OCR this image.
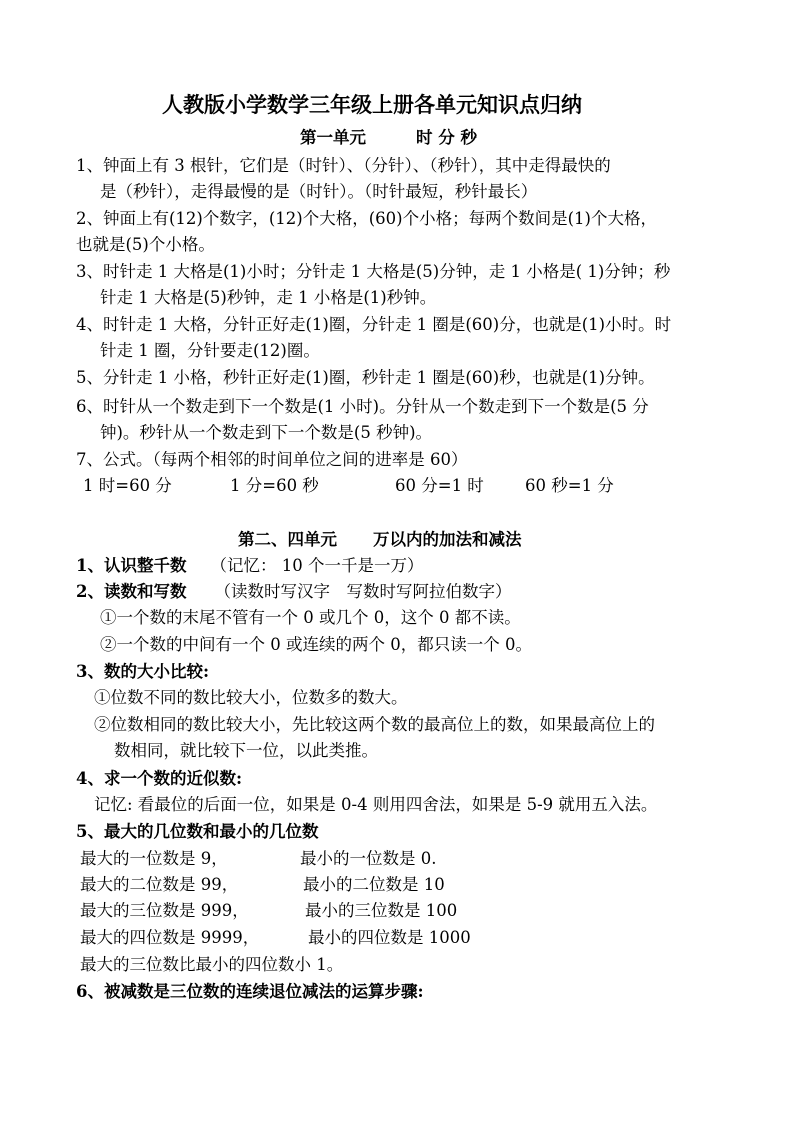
人教版小学数学三年级上册各单元知识点归纳
第一单元	时 分 秒
1、钟面上有 3 根针，它们是（时针）、（分针）、（秒针），其中走得最快的
是（秒针），走得最慢的是（时针）。（时针最短，秒针最长）
2、钟面上有(12)个数字，(12)个大格，(60)个小格；每两个数间是(1)个大格，
也就是(5)个小格。
3、时针走 1 大格是(1)小时；分针走 1 大格是(5)分钟，走 1 小格是( 1)分钟；秒
针走 1 大格是(5)秒钟，走 1 小格是(1)秒钟。
4、时针走 1 大格，分针正好走(1)圈，分针走 1 圈是(60)分，也就是(1)小时。时
针走 1 圈，分针要走(12)圈。
5、分针走 1 小格，秒针正好走(1)圈，秒针走 1 圈是(60)秒，也就是(1)分钟。
6、时针从一个数走到下一个数是(1 小时)。分针从一个数走到下一个数是(5 分
钟)。秒针从一个数走到下一个数是(5 秒钟)。
7、公式。（每两个相邻的时间单位之间的进率是 60）
1 时=60 分	1 分=60 秒	60 分=1 时 60 秒=1 分
第二、四单元 万以内的加法和减法
1、认识整千数 （记忆： 10 个一千是一万）
2、读数和写数 （读数时写汉字　写数时写阿拉伯数字）
①一个数的末尾不管有一个 0 或几个 0，这个 0 都不读。
②一个数的中间有一个 0 或连续的两个 0，都只读一个 0。
3、数的大小比较:
①位数不同的数比较大小，位数多的数大。
②位数相同的数比较大小，先比较这两个数的最高位上的数，如果最高位上的
数相同，就比较下一位，以此类推。
4、求一个数的近似数:
记忆: 看最位的后面一位，如果是 0-4 则用四舍法，如果是 5-9 就用五入法。
5、最大的几位数和最小的几位数
最大的一位数是 9，	最小的一位数是 0.
最大的二位数是 99，	最小的二位数是 10
最大的三位数是 999，	最小的三位数是 100
最大的四位数是 9999，	最小的四位数是 1000
最大的三位数比最小的四位数小 1。
6、被减数是三位数的连续退位减法的运算步骤:
